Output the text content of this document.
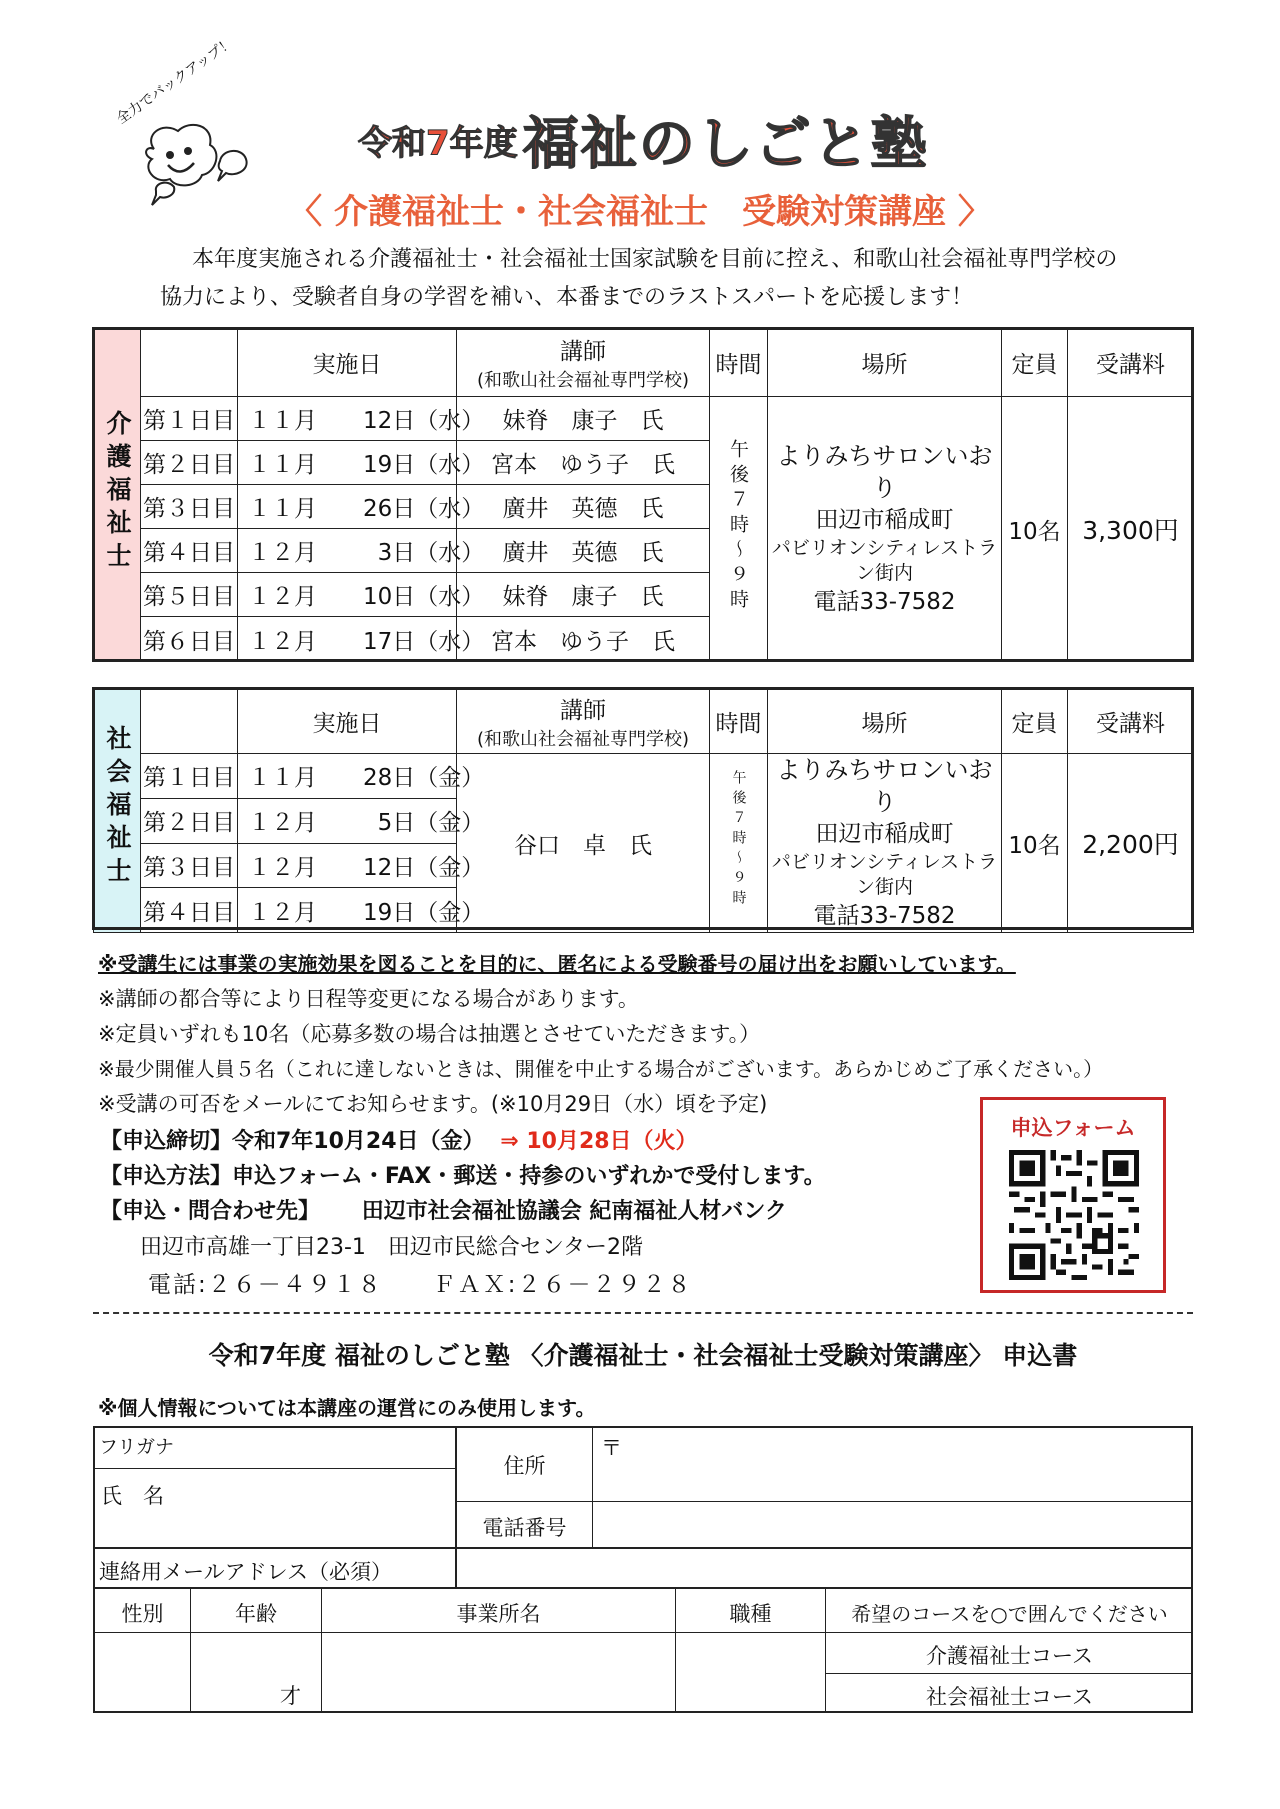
全力でバックアップ！
令和7年度 福祉のしごと塾
〈 介護福祉士・社会福祉士　受験対策講座 〉
本年度実施される介護福祉士・社会福祉士国家試験を目前に控え、和歌山社会福祉専門学校の
協力により、受験者自身の学習を補い、本番までのラストスパートを応援します！
介護福祉士		実施日	講師
(和歌山社会福祉専門学校)	時間	場所	定員	受講料
	第１日目	１１月　　12日（水）	妹脊　康子　氏	午後７時〜９時	よりみちサロンいおり
田辺市稲成町
パビリオンシティレストラン街内
電話33-7582	10名	3,300円
	第２日目	１１月　　19日（水）	宮本　ゆう子　氏				
	第３日目	１１月　　26日（水）	廣井　英德　氏				
	第４日目	１２月　　  3日（水）	廣井　英德　氏				
	第５日目	１２月　　10日（水）	妹脊　康子　氏				
	第６日目	１２月　　17日（水）	宮本　ゆう子　氏				
社会福祉士		実施日	講師
(和歌山社会福祉専門学校)	時間	場所	定員	受講料
	第１日目	１１月　　28日（金）	谷口　卓　氏	午後７時〜９時	よりみちサロンいおり
田辺市稲成町
パビリオンシティレストラン街内
電話33-7582	10名	2,200円
	第２日目	１２月　　  5日（金）					
	第３日目	１２月　　12日（金）					
	第４日目	１２月　　19日（金）					
※受講生には事業の実施効果を図ることを目的に、匿名による受験番号の届け出をお願いしています。
※講師の都合等により日程等変更になる場合があります。
※定員いずれも10名（応募多数の場合は抽選とさせていただきます。）
※最少開催人員５名（これに達しないときは、開催を中止する場合がございます。あらかじめご了承ください。）
※受講の可否をメールにてお知らせます。(※10月29日（水）頃を予定)
【申込締切】令和7年10月24日（金） ⇒ 10月28日（火）
【申込方法】申込フォーム・FAX・郵送・持参のいずれかで受付します。
【申込・問合わせ先】 田辺市社会福祉協議会 紀南福祉人材バンク
田辺市高雄一丁目23-1　田辺市民総合センター2階
電話:２６－４９１８　　ＦＡＸ:２６－２９２８
申込フォーム
令和7年度 福祉のしごと塾 〈介護福祉士・社会福祉士受験対策講座〉 申込書
※個人情報については本講座の運営にのみ使用します。
フリガナ
氏　名
住所
〒
電話番号
連絡用メールアドレス（必須）
性別	年齢	事業所名	職種	希望のコースを○で囲んでください
才
介護福祉士コース
社会福祉士コース
